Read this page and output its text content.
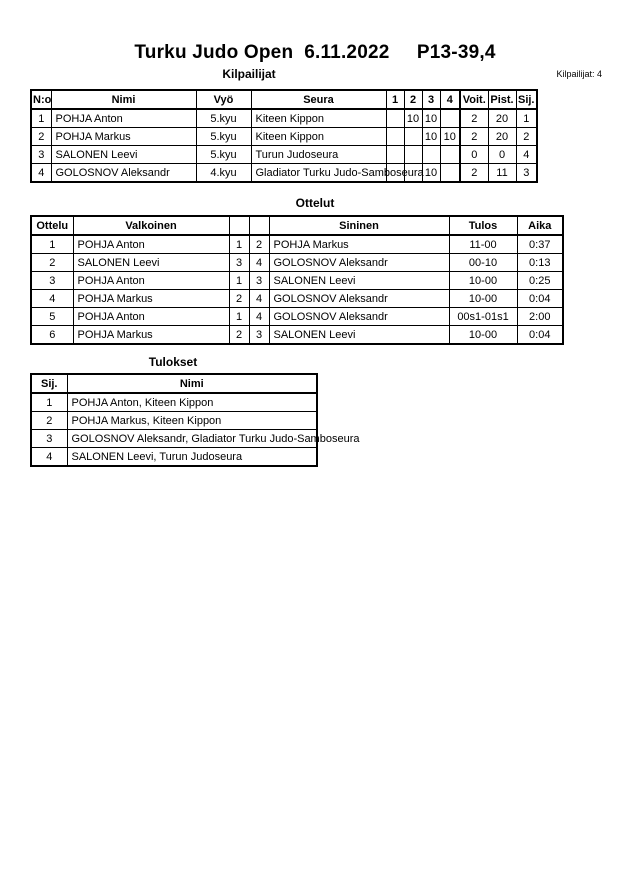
Turku Judo Open  6.11.2022     P13-39,4
Kilpailijat	Kilpailijat: 4
N:o	Nimi	Vyö	Seura	1	2	3	4	Voit.	Pist.	Sij.
1	POHJA Anton	5.kyu	Kiteen Kippon		10	10		2	20	1
2	POHJA Markus	5.kyu	Kiteen Kippon			10	10	2	20	2
3	SALONEN Leevi	5.kyu	Turun Judoseura					0	0	4
4	GOLOSNOV Aleksandr	4.kyu	Gladiator Turku Judo-Samboseura			10		2	11	3
Ottelut
Ottelu	Valkoinen			Sininen	Tulos	Aika
1	POHJA Anton	1	2	POHJA Markus	11-00	0:37
2	SALONEN Leevi	3	4	GOLOSNOV Aleksandr	00-10	0:13
3	POHJA Anton	1	3	SALONEN Leevi	10-00	0:25
4	POHJA Markus	2	4	GOLOSNOV Aleksandr	10-00	0:04
5	POHJA Anton	1	4	GOLOSNOV Aleksandr	00s1-01s1	2:00
6	POHJA Markus	2	3	SALONEN Leevi	10-00	0:04
Tulokset
Sij.	Nimi
1	POHJA Anton, Kiteen Kippon
2	POHJA Markus, Kiteen Kippon
3	GOLOSNOV Aleksandr, Gladiator Turku Judo-Samboseura
4	SALONEN Leevi, Turun Judoseura
